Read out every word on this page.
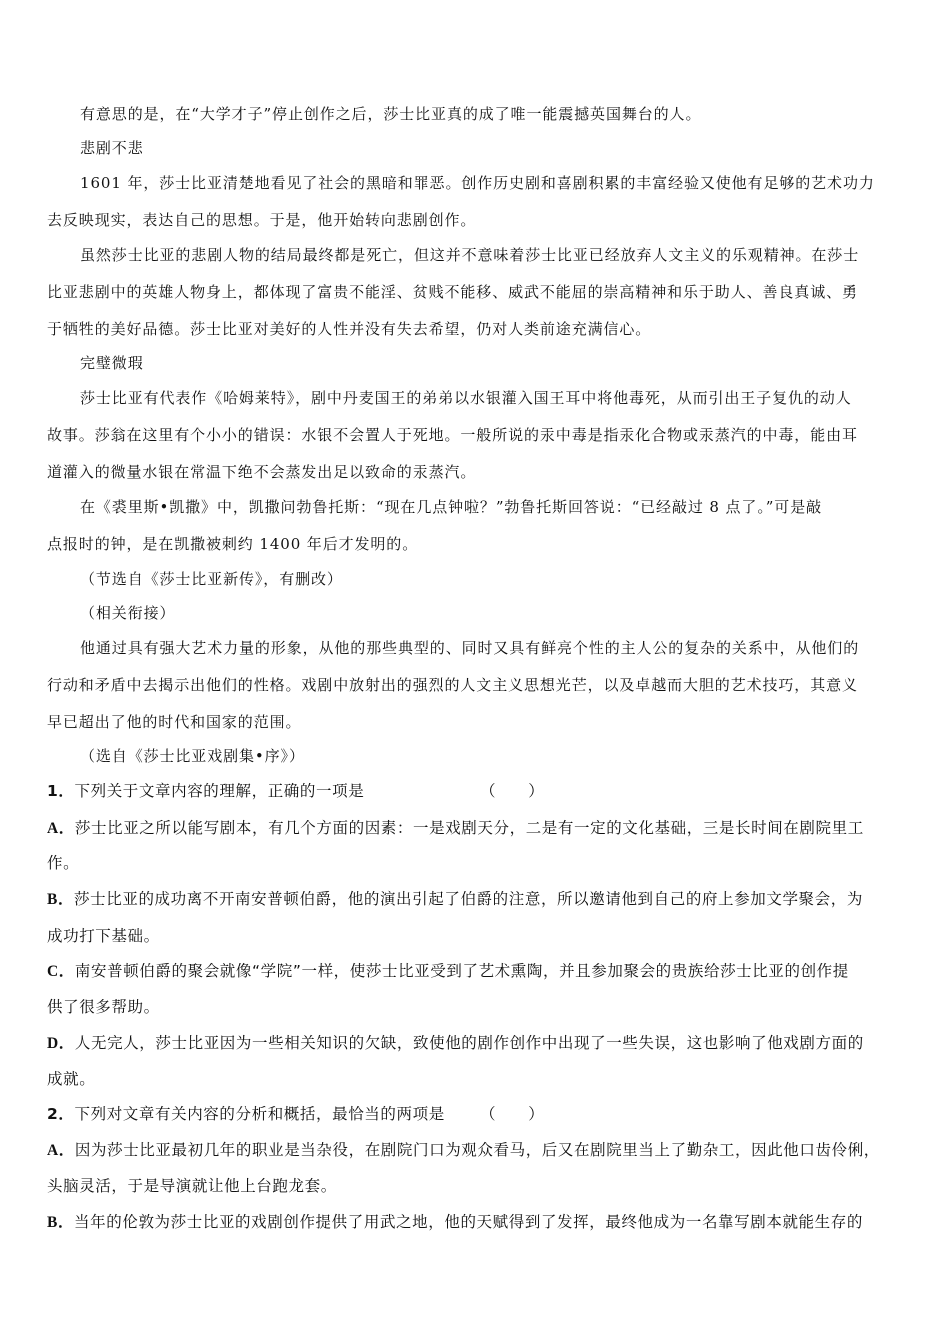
有意思的是，在“大学才子”停止创作之后，莎士比亚真的成了唯一能震撼英国舞台的人。
悲剧不悲
1601 年，莎士比亚清楚地看见了社会的黑暗和罪恶。创作历史剧和喜剧积累的丰富经验又使他有足够的艺术功力
去反映现实，表达自己的思想。于是，他开始转向悲剧创作。
虽然莎士比亚的悲剧人物的结局最终都是死亡，但这并不意味着莎士比亚已经放弃人文主义的乐观精神。在莎士
比亚悲剧中的英雄人物身上，都体现了富贵不能淫、贫贱不能移、威武不能屈的崇高精神和乐于助人、善良真诚、勇
于牺牲的美好品德。莎士比亚对美好的人性并没有失去希望，仍对人类前途充满信心。
完璧微瑕
莎士比亚有代表作《哈姆莱特》，剧中丹麦国王的弟弟以水银灌入国王耳中将他毒死，从而引出王子复仇的动人
故事。莎翁在这里有个小小的错误：水银不会置人于死地。一般所说的汞中毒是指汞化合物或汞蒸汽的中毒，能由耳
道灌入的微量水银在常温下绝不会蒸发出足以致命的汞蒸汽。
在《裘里斯•凯撒》中，凯撒问勃鲁托斯：“现在几点钟啦？”勃鲁托斯回答说：“已经敲过 8 点了。”可是敲
点报时的钟，是在凯撒被刺约 1400 年后才发明的。
（节选自《莎士比亚新传》，有删改）
（相关衔接）
他通过具有强大艺术力量的形象，从他的那些典型的、同时又具有鲜亮个性的主人公的复杂的关系中，从他们的
行动和矛盾中去揭示出他们的性格。戏剧中放射出的强烈的人文主义思想光芒，以及卓越而大胆的艺术技巧，其意义
早已超出了他的时代和国家的范围。
（选自《莎士比亚戏剧集•序》）
1．下列关于文章内容的理解，正确的一项是	（　　）
A．莎士比亚之所以能写剧本，有几个方面的因素：一是戏剧天分，二是有一定的文化基础，三是长时间在剧院里工
作。
B．莎士比亚的成功离不开南安普顿伯爵，他的演出引起了伯爵的注意，所以邀请他到自己的府上参加文学聚会，为
成功打下基础。
C．南安普顿伯爵的聚会就像“学院”一样，使莎士比亚受到了艺术熏陶，并且参加聚会的贵族给莎士比亚的创作提
供了很多帮助。
D．人无完人，莎士比亚因为一些相关知识的欠缺，致使他的剧作创作中出现了一些失误，这也影响了他戏剧方面的
成就。
2．下列对文章有关内容的分析和概括，最恰当的两项是 （　　）
A．因为莎士比亚最初几年的职业是当杂役，在剧院门口为观众看马，后又在剧院里当上了勤杂工，因此他口齿伶俐，
头脑灵活，于是导演就让他上台跑龙套。
B．当年的伦敦为莎士比亚的戏剧创作提供了用武之地，他的天赋得到了发挥，最终他成为一名靠写剧本就能生存的
